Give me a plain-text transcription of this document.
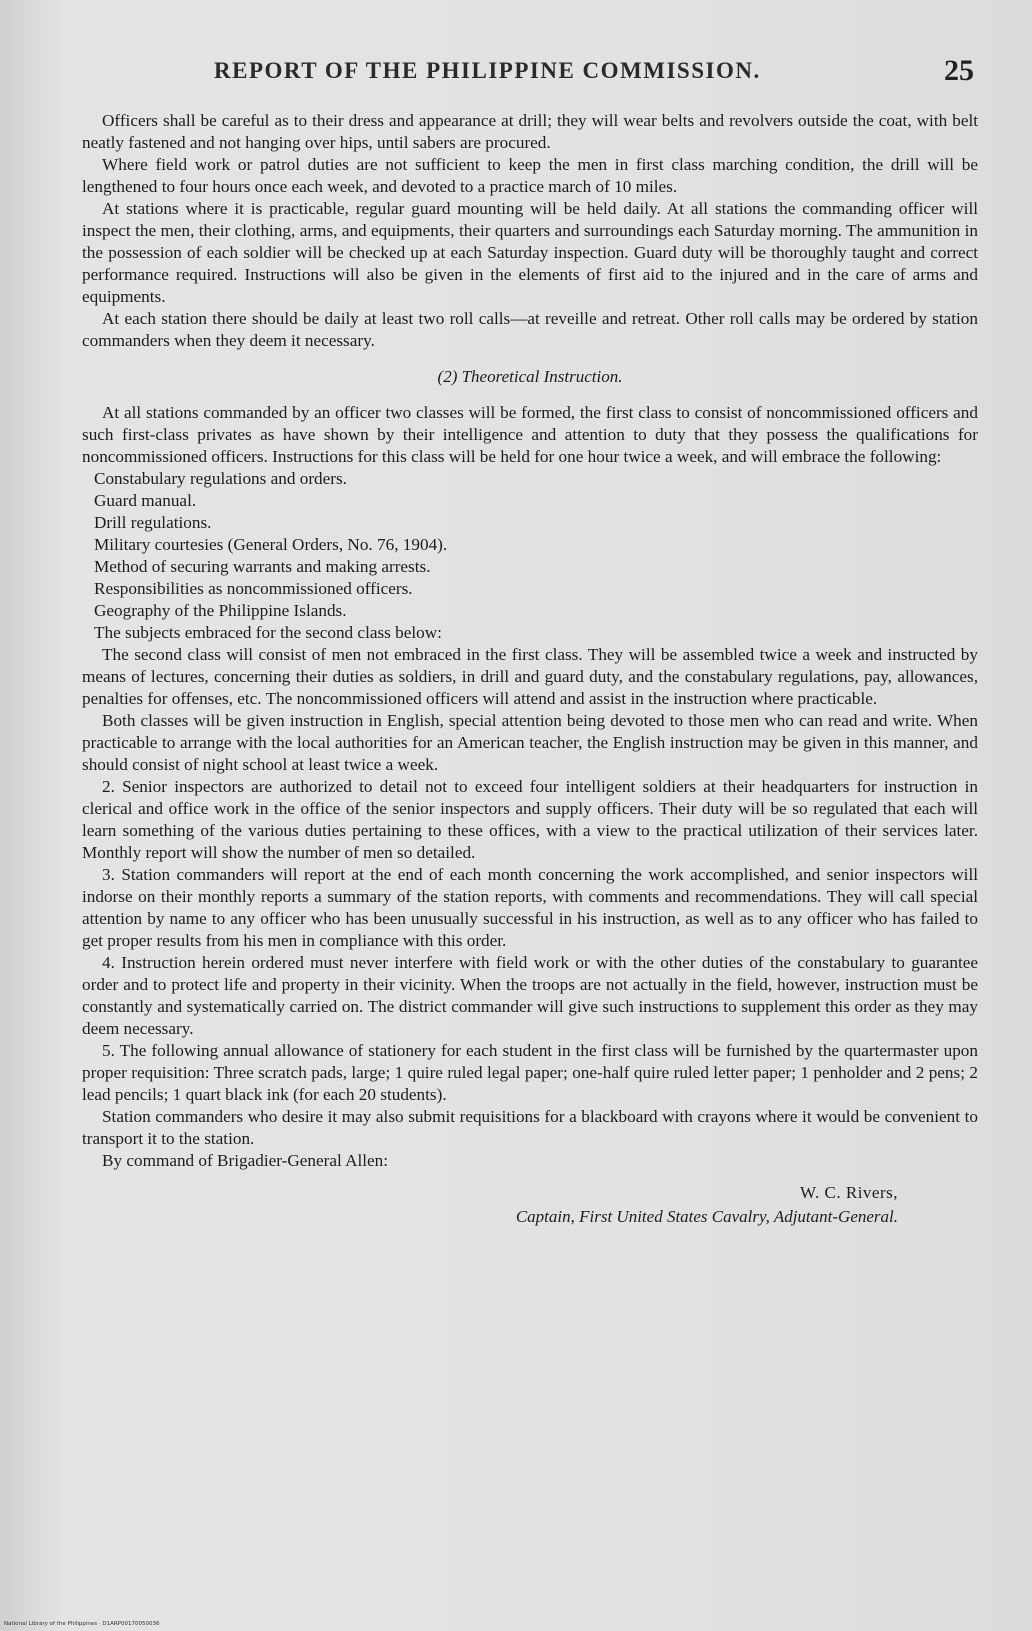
REPORT OF THE PHILIPPINE COMMISSION.	25

Officers shall be careful as to their dress and appearance at drill; they will wear belts and revolvers outside the coat, with belt neatly fastened and not hanging over hips, until sabers are procured.

Where field work or patrol duties are not sufficient to keep the men in first class marching condition, the drill will be lengthened to four hours once each week, and devoted to a practice march of 10 miles.

At stations where it is practicable, regular guard mounting will be held daily. At all stations the commanding officer will inspect the men, their clothing, arms, and equipments, their quarters and surroundings each Saturday morning. The ammunition in the possession of each soldier will be checked up at each Saturday inspection. Guard duty will be thoroughly taught and correct performance required. Instructions will also be given in the elements of first aid to the injured and in the care of arms and equipments.

At each station there should be daily at least two roll calls—at reveille and retreat. Other roll calls may be ordered by station commanders when they deem it necessary.

(2) Theoretical Instruction.

At all stations commanded by an officer two classes will be formed, the first class to consist of noncommissioned officers and such first-class privates as have shown by their intelligence and attention to duty that they possess the qualifications for noncommissioned officers. Instructions for this class will be held for one hour twice a week, and will embrace the following:

Constabulary regulations and orders.
Guard manual.
Drill regulations.
Military courtesies (General Orders, No. 76, 1904).
Method of securing warrants and making arrests.
Responsibilities as noncommissioned officers.
Geography of the Philippine Islands.
The subjects embraced for the second class below:

The second class will consist of men not embraced in the first class. They will be assembled twice a week and instructed by means of lectures, concerning their duties as soldiers, in drill and guard duty, and the constabulary regulations, pay, allowances, penalties for offenses, etc. The noncommissioned officers will attend and assist in the instruction where practicable.

Both classes will be given instruction in English, special attention being devoted to those men who can read and write. When practicable to arrange with the local authorities for an American teacher, the English instruction may be given in this manner, and should consist of night school at least twice a week.

2. Senior inspectors are authorized to detail not to exceed four intelligent soldiers at their headquarters for instruction in clerical and office work in the office of the senior inspectors and supply officers. Their duty will be so regulated that each will learn something of the various duties pertaining to these offices, with a view to the practical utilization of their services later. Monthly report will show the number of men so detailed.

3. Station commanders will report at the end of each month concerning the work accomplished, and senior inspectors will indorse on their monthly reports a summary of the station reports, with comments and recommendations. They will call special attention by name to any officer who has been unusually successful in his instruction, as well as to any officer who has failed to get proper results from his men in compliance with this order.

4. Instruction herein ordered must never interfere with field work or with the other duties of the constabulary to guarantee order and to protect life and property in their vicinity. When the troops are not actually in the field, however, instruction must be constantly and systematically carried on. The district commander will give such instructions to supplement this order as they may deem necessary.

5. The following annual allowance of stationery for each student in the first class will be furnished by the quartermaster upon proper requisition: Three scratch pads, large; 1 quire ruled legal paper; one-half quire ruled letter paper; 1 penholder and 2 pens; 2 lead pencils; 1 quart black ink (for each 20 students).

Station commanders who desire it may also submit requisitions for a blackboard with crayons where it would be convenient to transport it to the station.

By command of Brigadier-General Allen:

W. C. Rivers,
Captain, First United States Cavalry, Adjutant-General.
National Library of the Philippines · D1ARP00170050036
